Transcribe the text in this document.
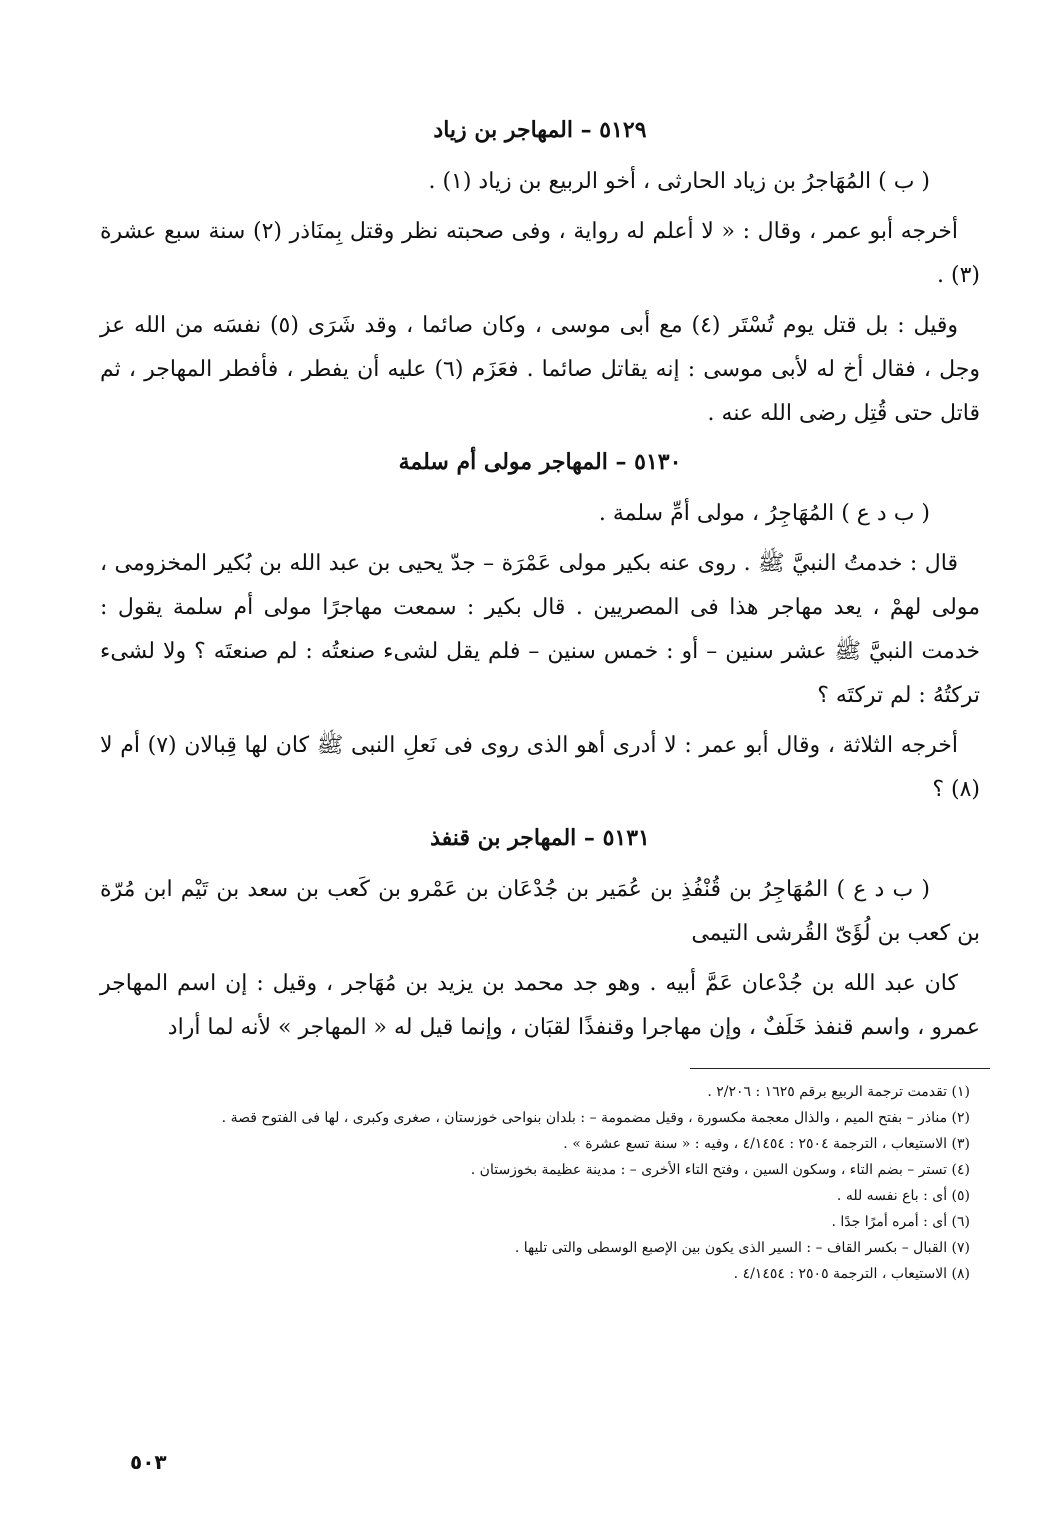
٥١٢٩ – المهاجر بن زياد

( ب ) المُهَاجرُ بن زياد الحارثى ، أخو الربيع بن زياد (١) .

أخرجه أبو عمر ، وقال : « لا أعلم له رواية ، وفى صحبته نظر وقتل بِمنَاذر (٢) سنة سبع عشرة (٣) .

وقيل : بل قتل يوم تُسْتَر (٤) مع أبى موسى ، وكان صائما ، وقد شَرَى (٥) نفسَه من الله عز وجل ، فقال أخ له لأبى موسى : إنه يقاتل صائما . فعَزَم (٦) عليه أن يفطر ، فأفطر المهاجر ، ثم قاتل حتى قُتِل رضى الله عنه .

٥١٣٠ – المهاجر مولى أم سلمة

( ب د ع ) المُهَاجِرُ ، مولى أمِّ سلمة .

قال : خدمتُ النبيَّ ﷺ . روى عنه بكير مولى عَمْرَة – جدّ يحيى بن عبد الله بن بُكير المخزومى ، مولى لهمْ ، يعد مهاجر هذا فى المصريين . قال بكير : سمعت مهاجرًا مولى أم سلمة يقول : خدمت النبيَّ ﷺ عشر سنين – أو : خمس سنين – فلم يقل لشىء صنعتُه : لم صنعتَه ؟ ولا لشىء تركتُهُ : لم تركتَه ؟

أخرجه الثلاثة ، وقال أبو عمر : لا أدرى أهو الذى روى فى نَعلِ النبى ﷺ كان لها قِبالان (٧) أم لا (٨) ؟

٥١٣١ – المهاجر بن قنفذ

( ب د ع ) المُهَاجِرُ بن قُنْفُذِ بن عُمَير بن جُدْعَان بن عَمْرو بن كَعب بن سعد بن تَيْم ابن مُرّة بن كعب بن لُؤَىّ القُرشى التيمى

كان عبد الله بن جُدْعان عَمَّ أبيه . وهو جد محمد بن يزيد بن مُهَاجر ، وقيل : إن اسم المهاجر عمرو ، واسم قنفذ خَلَفٌ ، وإن مهاجرا وقنفذًا لقبَان ، وإنما قيل له « المهاجر » لأنه لما أراد

(١) تقدمت ترجمة الربيع برقم ١٦٢٥ : ٢/٢٠٦ .

(٢) مناذر – بفتح الميم ، والذال معجمة مكسورة ، وقيل مضمومة – : بلدان بنواحى خوزستان ، صغرى وكبرى ، لها فى الفتوح قصة .

(٣) الاستيعاب ، الترجمة ٢٥٠٤ : ٤/١٤٥٤ ، وفيه : « سنة تسع عشرة » .

(٤) تستر – بضم التاء ، وسكون السين ، وفتح التاء الأخرى – : مدينة عظيمة بخوزستان .

(٥) أى : باع نفسه لله .

(٦) أى : أمره أمرًا جدًا .

(٧) القبال – بكسر القاف – : السير الذى يكون بين الإصبع الوسطى والتى تليها .

(٨) الاستيعاب ، الترجمة ٢٥٠٥ : ٤/١٤٥٤ .

٥٠٣
